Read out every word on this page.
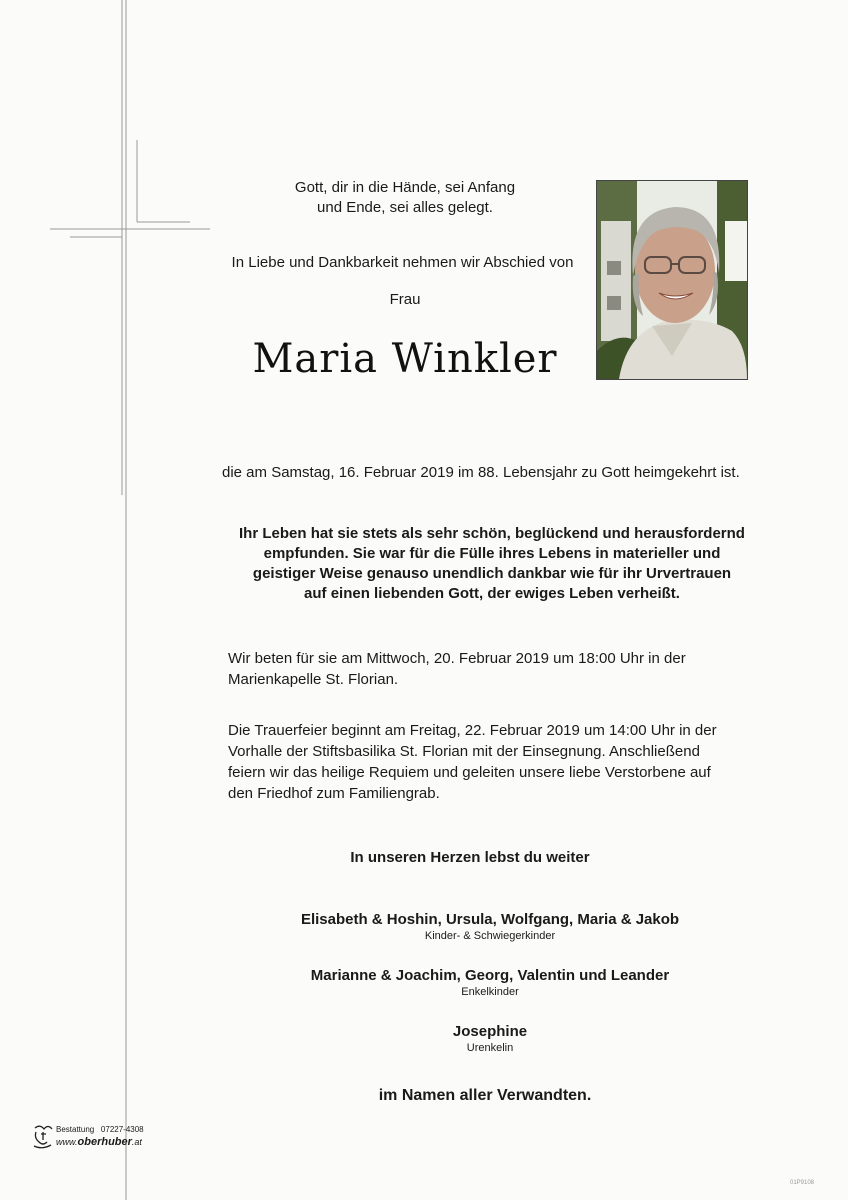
Gott, dir in die Hände, sei Anfang
und Ende, sei alles gelegt.
In Liebe und Dankbarkeit nehmen wir Abschied von
Frau
Maria Winkler
die am Samstag, 16. Februar 2019 im 88. Lebensjahr zu Gott heimgekehrt ist.
Ihr Leben hat sie stets als sehr schön, beglückend und herausfordernd
empfunden. Sie war für die Fülle ihres Lebens in materieller und
geistiger Weise genauso unendlich dankbar wie für ihr Urvertrauen
auf einen liebenden Gott, der ewiges Leben verheißt.
Wir beten für sie am Mittwoch, 20. Februar 2019 um 18:00 Uhr in der
Marienkapelle St. Florian.
Die Trauerfeier beginnt am Freitag, 22. Februar 2019 um 14:00 Uhr in der
Vorhalle der Stiftsbasilika St. Florian mit der Einsegnung. Anschließend
feiern wir das heilige Requiem und geleiten unsere liebe Verstorbene auf
den Friedhof zum Familiengrab.
In unseren Herzen lebst du weiter
Elisabeth & Hoshin, Ursula, Wolfgang, Maria & Jakob
Kinder- & Schwiegerkinder
Marianne & Joachim, Georg, Valentin und Leander
Enkelkinder
Josephine
Urenkelin
im Namen aller Verwandten.
Bestattung 07227-4308
www.oberhuber.at
01P9108
